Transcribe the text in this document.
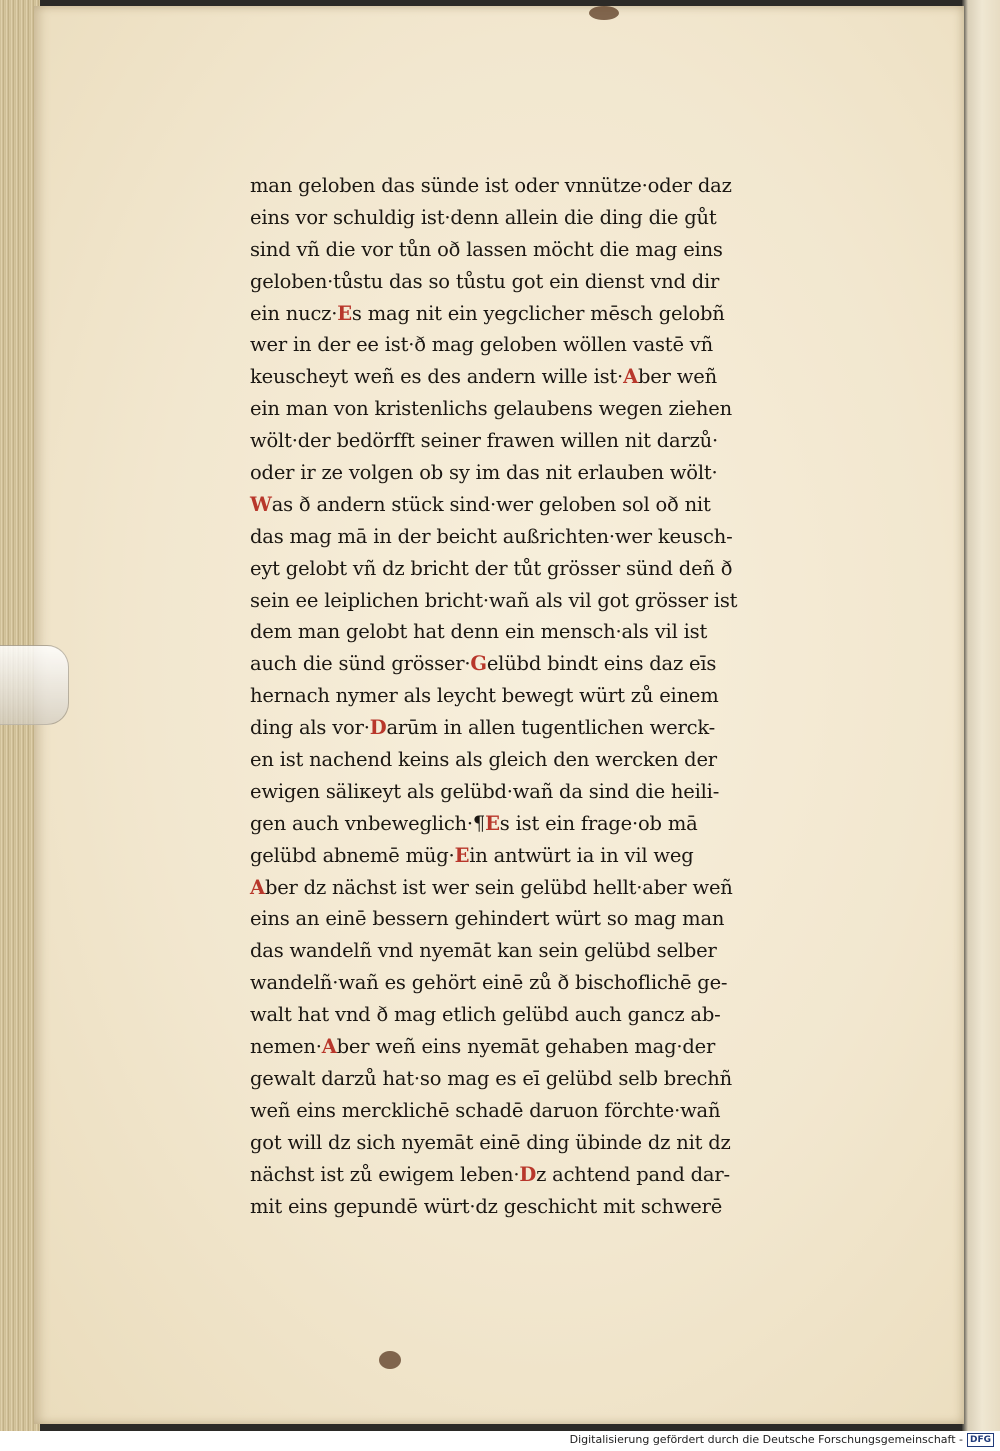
man geloben das sünde ist oder vnnütze·oder daz
eins vor schuldig ist·denn allein die ding die gůt
sind vñ die vor tůn oð lassen möcht die mag eins
geloben·tůstu das so tůstu got ein dienst vnd dir
ein nucz·Es mag nit ein yegclicher mēsch gelobñ
wer in der ee ist·ð mag geloben wöllen vastē vñ
keuscheyt weñ es des andern wille ist·Aber weñ
ein man von kristenlichs gelaubens wegen ziehen
wölt·der bedörfft seiner frawen willen nit darzů·
oder ir ze volgen ob sy im das nit erlauben wölt·
Was ð andern stück sind·wer geloben sol oð nit
das mag mā in der beicht außrichten·wer keusch-
eyt gelobt vñ dz bricht der tůt grösser sünd deñ ð
sein ee leiplichen bricht·wañ als vil got grösser ist
dem man gelobt hat denn ein mensch·als vil ist
auch die sünd grösser·Gelübd bindt eins daz eīs
hernach nymer als leycht bewegt würt zů einem
ding als vor·Darūm in allen tugentlichen werck-
en ist nachend keins als gleich den wercken der
ewigen säliкeyt als gelübd·wañ da sind die heili-
gen auch vnbeweglich·¶Es ist ein frage·ob mā
gelübd abnemē müg·Ein antwürt ia in vil weg
Aber dz nächst ist wer sein gelübd hellt·aber weñ
eins an einē bessern gehindert würt so mag man
das wandelñ vnd nyemāt kan sein gelübd selber
wandelñ·wañ es gehört einē zů ð bischoflichē ge-
walt hat vnd ð mag etlich gelübd auch gancz ab-
nemen·Aber weñ eins nyemāt gehaben mag·der
gewalt darzů hat·so mag es eī gelübd selb brechñ
weñ eins mercklichē schadē daruon förchte·wañ
got will dz sich nyemāt einē ding übinde dz nit dz
nächst ist zů ewigem leben·Dz achtend pand dar-
mit eins gepundē würt·dz geschicht mit schwerē
Digitalisierung gefördert durch die Deutsche Forschungsgemeinschaft - DFG
